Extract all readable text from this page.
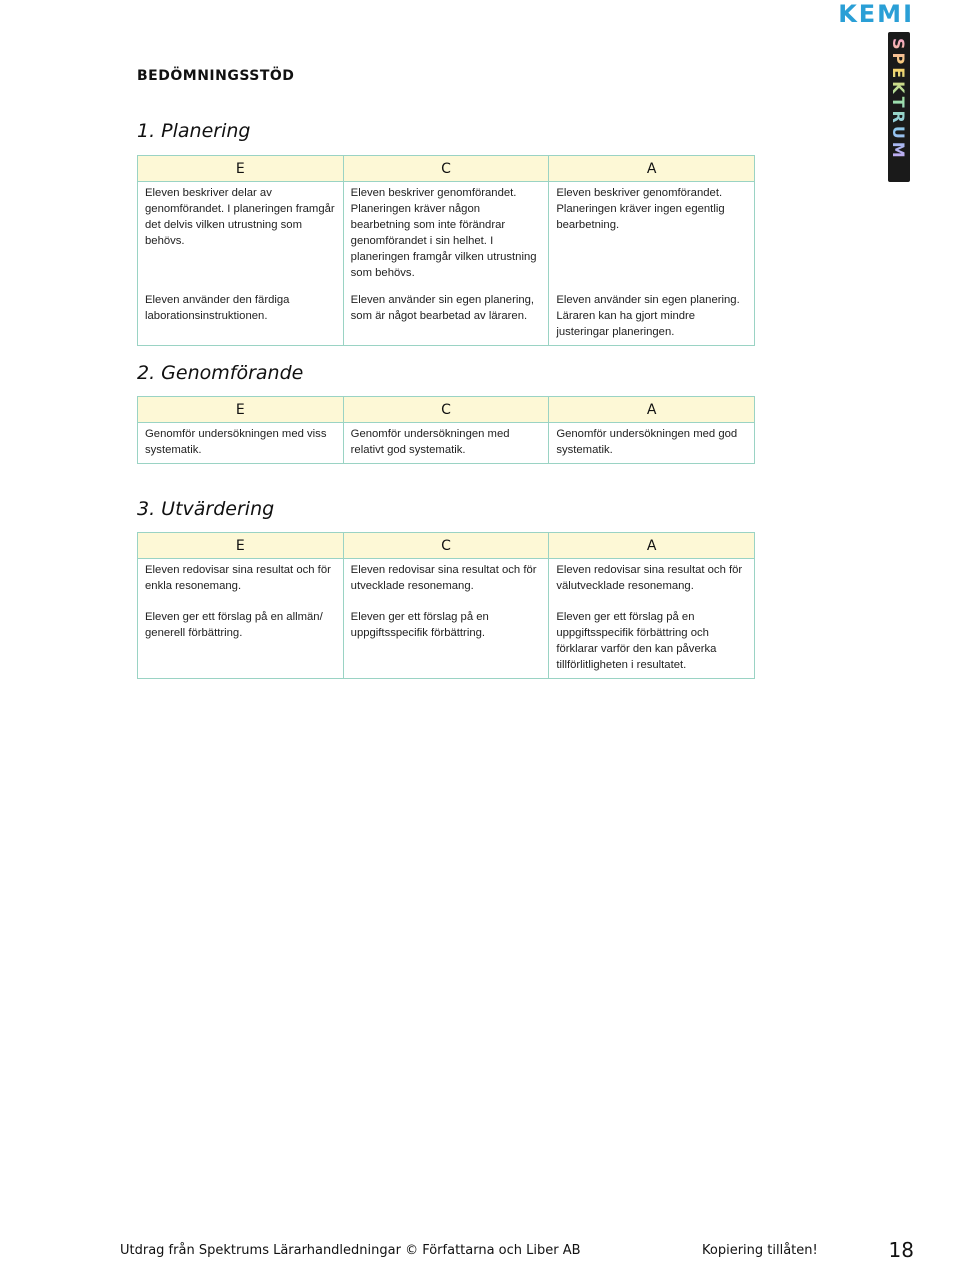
KEMI
SPEKTRUM
BEDÖMNINGSSTÖD
1. Planering
E	C	A
Eleven beskriver delar av genomförandet. I planeringen framgår det delvis vilken utrustning som behövs.	Eleven beskriver genomförandet. Planeringen kräver någon bearbetning som inte förändrar genomförandet i sin helhet. I planeringen framgår vilken utrustning som behövs.	Eleven beskriver genomförandet. Planeringen kräver ingen egentlig bearbetning.
Eleven använder den färdiga laborationsinstruktionen.	Eleven använder sin egen planering, som är något bearbetad av läraren.	Eleven använder sin egen planering. Läraren kan ha gjort mindre justeringar planeringen.
2. Genomförande
E	C	A
Genomför undersökningen med viss systematik.	Genomför undersökningen med relativt god systematik.	Genomför undersökningen med god systematik.
3. Utvärdering
E	C	A
Eleven redovisar sina resultat och för enkla resonemang.	Eleven redovisar sina resultat och för utvecklade resonemang.	Eleven redovisar sina resultat och för välutvecklade resonemang.
Eleven ger ett förslag på en allmän/ generell förbättring.	Eleven ger ett förslag på en uppgiftsspecifik förbättring.	Eleven ger ett förslag på en uppgiftsspecifik förbättring och förklarar varför den kan påverka tillförlitligheten i resultatet.
Utdrag från Spektrums Lärarhandledningar © Författarna och Liber AB	Kopiering tillåten!	18
